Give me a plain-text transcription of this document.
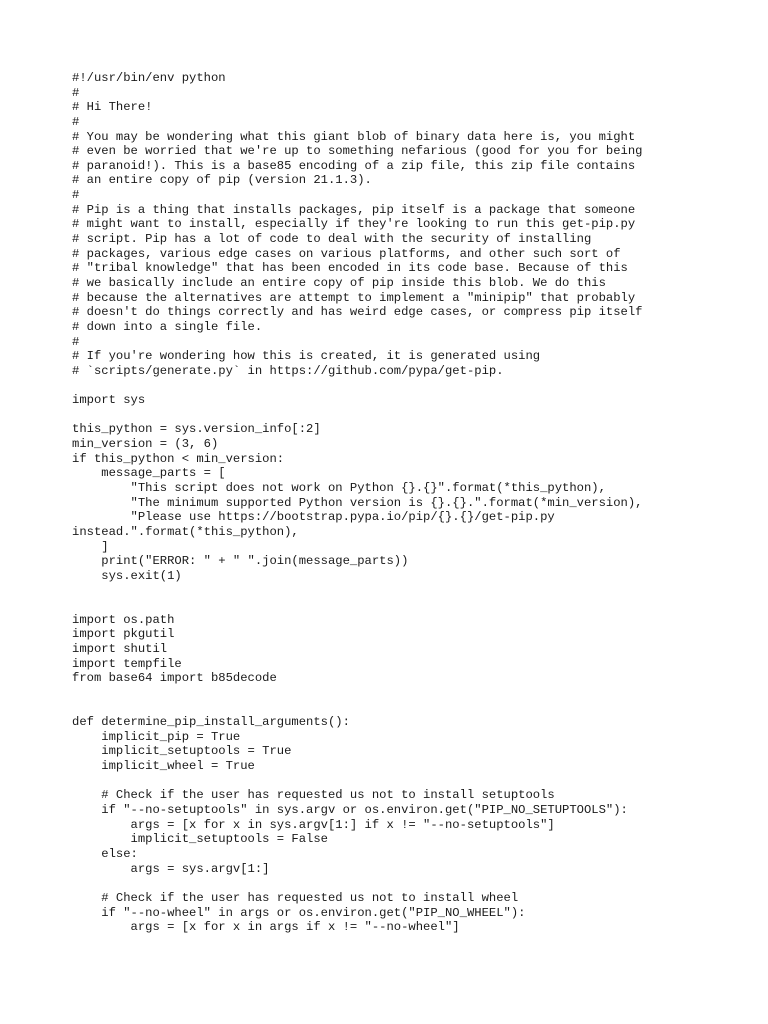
#!/usr/bin/env python
#
# Hi There!
#
# You may be wondering what this giant blob of binary data here is, you might
# even be worried that we're up to something nefarious (good for you for being
# paranoid!). This is a base85 encoding of a zip file, this zip file contains
# an entire copy of pip (version 21.1.3).
#
# Pip is a thing that installs packages, pip itself is a package that someone
# might want to install, especially if they're looking to run this get-pip.py
# script. Pip has a lot of code to deal with the security of installing
# packages, various edge cases on various platforms, and other such sort of
# "tribal knowledge" that has been encoded in its code base. Because of this
# we basically include an entire copy of pip inside this blob. We do this
# because the alternatives are attempt to implement a "minipip" that probably
# doesn't do things correctly and has weird edge cases, or compress pip itself
# down into a single file.
#
# If you're wondering how this is created, it is generated using
# `scripts/generate.py` in https://github.com/pypa/get-pip.
import sys
this_python = sys.version_info[:2]
min_version = (3, 6)
if this_python < min_version:
message_parts = [
"This script does not work on Python {}.{}".format(*this_python),
"The minimum supported Python version is {}.{}.".format(*min_version),
"Please use https://bootstrap.pypa.io/pip/{}.{}/get-pip.py
instead.".format(*this_python),
]
print("ERROR: " + " ".join(message_parts))
sys.exit(1)
import os.path
import pkgutil
import shutil
import tempfile
from base64 import b85decode
def determine_pip_install_arguments():
implicit_pip = True
implicit_setuptools = True
implicit_wheel = True
# Check if the user has requested us not to install setuptools
if "--no-setuptools" in sys.argv or os.environ.get("PIP_NO_SETUPTOOLS"):
args = [x for x in sys.argv[1:] if x != "--no-setuptools"]
implicit_setuptools = False
else:
args = sys.argv[1:]
# Check if the user has requested us not to install wheel
if "--no-wheel" in args or os.environ.get("PIP_NO_WHEEL"):
args = [x for x in args if x != "--no-wheel"]
